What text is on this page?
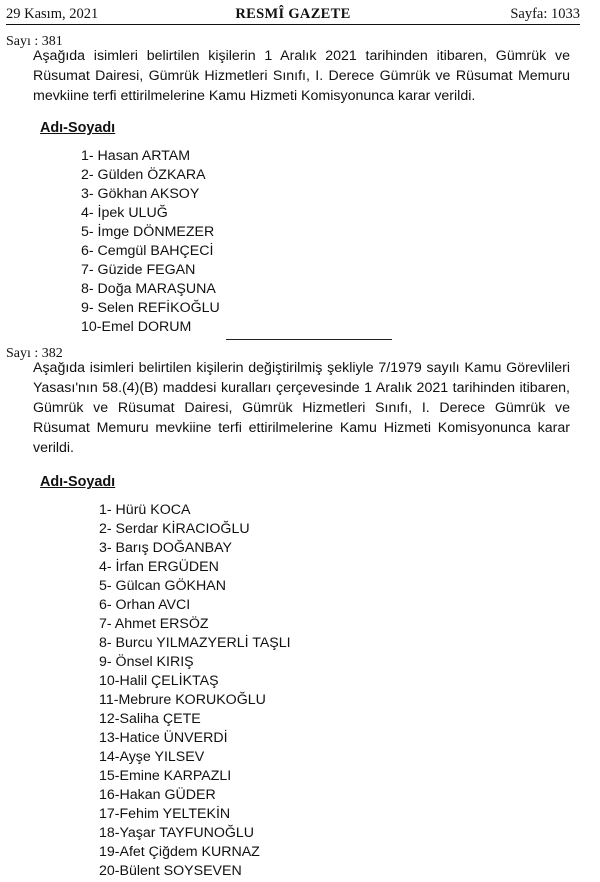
29 Kasım, 2021	RESMÎ GAZETE	Sayfa: 1033
Sayı : 381
Aşağıda isimleri belirtilen kişilerin 1 Aralık 2021 tarihinden itibaren, Gümrük ve Rüsumat Dairesi, Gümrük Hizmetleri Sınıfı, I. Derece Gümrük ve Rüsumat Memuru mevkiine terfi ettirilmelerine Kamu Hizmeti Komisyonunca karar verildi.
Adı-Soyadı
1- Hasan ARTAM
2- Gülden ÖZKARA
3- Gökhan AKSOY
4- İpek ULUĞ
5- İmge DÖNMEZER
6- Cemgül BAHÇECİ
7- Güzide FEGAN
8- Doğa MARAŞUNA
9- Selen REFİKOĞLU
10-Emel DORUM
Sayı : 382
Aşağıda isimleri belirtilen kişilerin değiştirilmiş şekliyle 7/1979 sayılı Kamu Görevlileri Yasası'nın 58.(4)(B) maddesi kuralları çerçevesinde 1 Aralık 2021 tarihinden itibaren, Gümrük ve Rüsumat Dairesi, Gümrük Hizmetleri Sınıfı, I. Derece Gümrük ve Rüsumat Memuru mevkiine terfi ettirilmelerine Kamu Hizmeti Komisyonunca karar verildi.
Adı-Soyadı
1- Hürü KOCA
2- Serdar KİRACIOĞLU
3- Barış DOĞANBAY
4- İrfan ERGÜDEN
5- Gülcan GÖKHAN
6- Orhan AVCI
7- Ahmet ERSÖZ
8- Burcu YILMAZYERLİ TAŞLI
9- Önsel KIRIŞ
10-Halil ÇELİKTAŞ
11-Mebrure KORUKOĞLU
12-Saliha ÇETE
13-Hatice ÜNVERDİ
14-Ayşe YILSEV
15-Emine KARPAZLI
16-Hakan GÜDER
17-Fehim YELTEKİN
18-Yaşar TAYFUNOĞLU
19-Afet Çiğdem KURNAZ
20-Bülent SOYSEVEN
